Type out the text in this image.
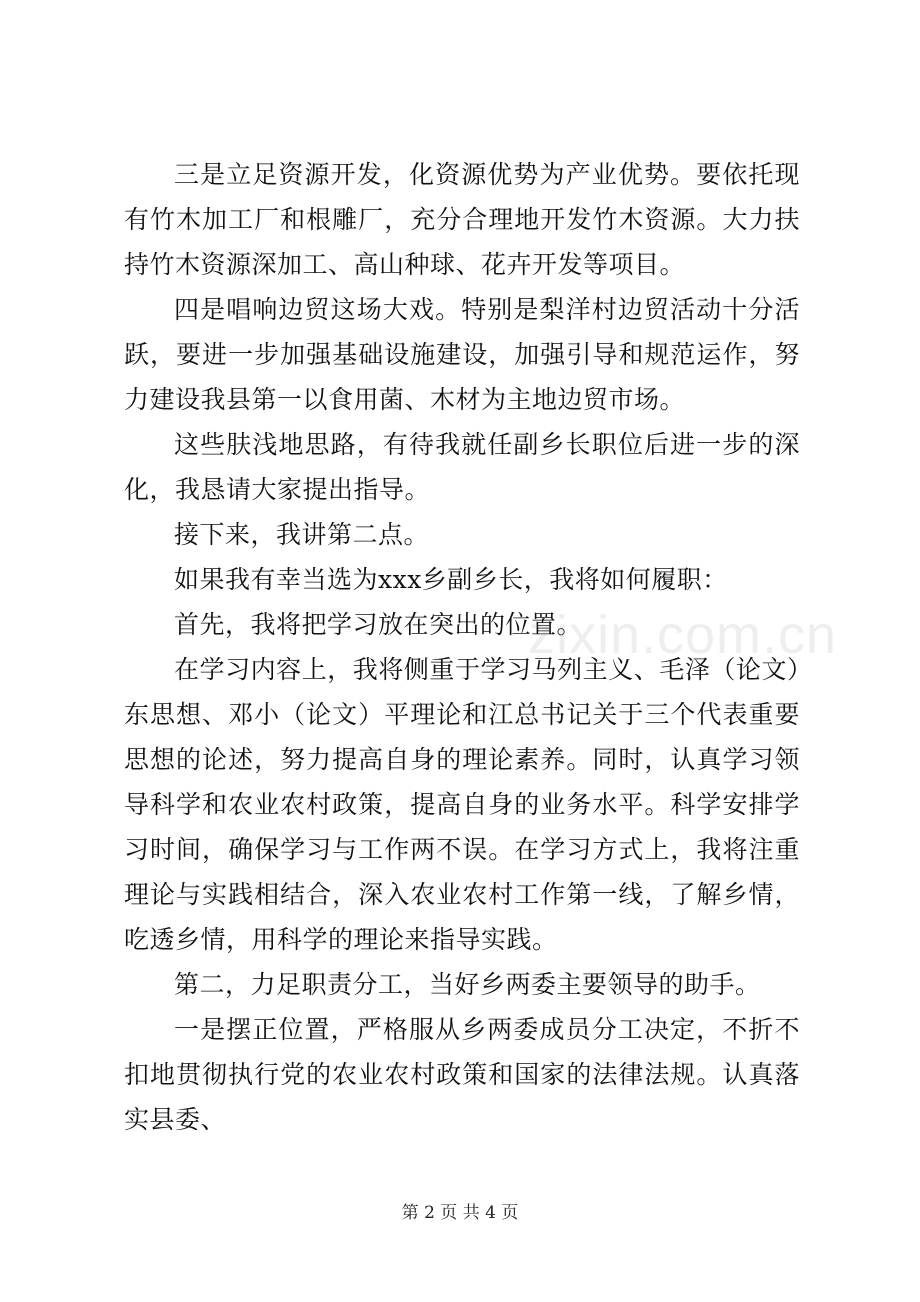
三是立足资源开发，化资源优势为产业优势。要依托现有竹木加工厂和根雕厂，充分合理地开发竹木资源。大力扶持竹木资源深加工、高山种球、花卉开发等项目。

四是唱响边贸这场大戏。特别是梨洋村边贸活动十分活跃，要进一步加强基础设施建设，加强引导和规范运作，努力建设我县第一以食用菌、木材为主地边贸市场。

这些肤浅地思路，有待我就任副乡长职位后进一步的深化，我恳请大家提出指导。

接下来，我讲第二点。

如果我有幸当选为xxx乡副乡长，我将如何履职：

首先，我将把学习放在突出的位置。

在学习内容上，我将侧重于学习马列主义、毛泽（论文）东思想、邓小（论文）平理论和江总书记关于三个代表重要思想的论述，努力提高自身的理论素养。同时，认真学习领导科学和农业农村政策，提高自身的业务水平。科学安排学习时间，确保学习与工作两不误。在学习方式上，我将注重理论与实践相结合，深入农业农村工作第一线，了解乡情，吃透乡情，用科学的理论来指导实践。

第二，力足职责分工，当好乡两委主要领导的助手。

一是摆正位置，严格服从乡两委成员分工决定，不折不扣地贯彻执行党的农业农村政策和国家的法律法规。认真落实县委、

zixin.com.cn
第 2 页 共 4 页
